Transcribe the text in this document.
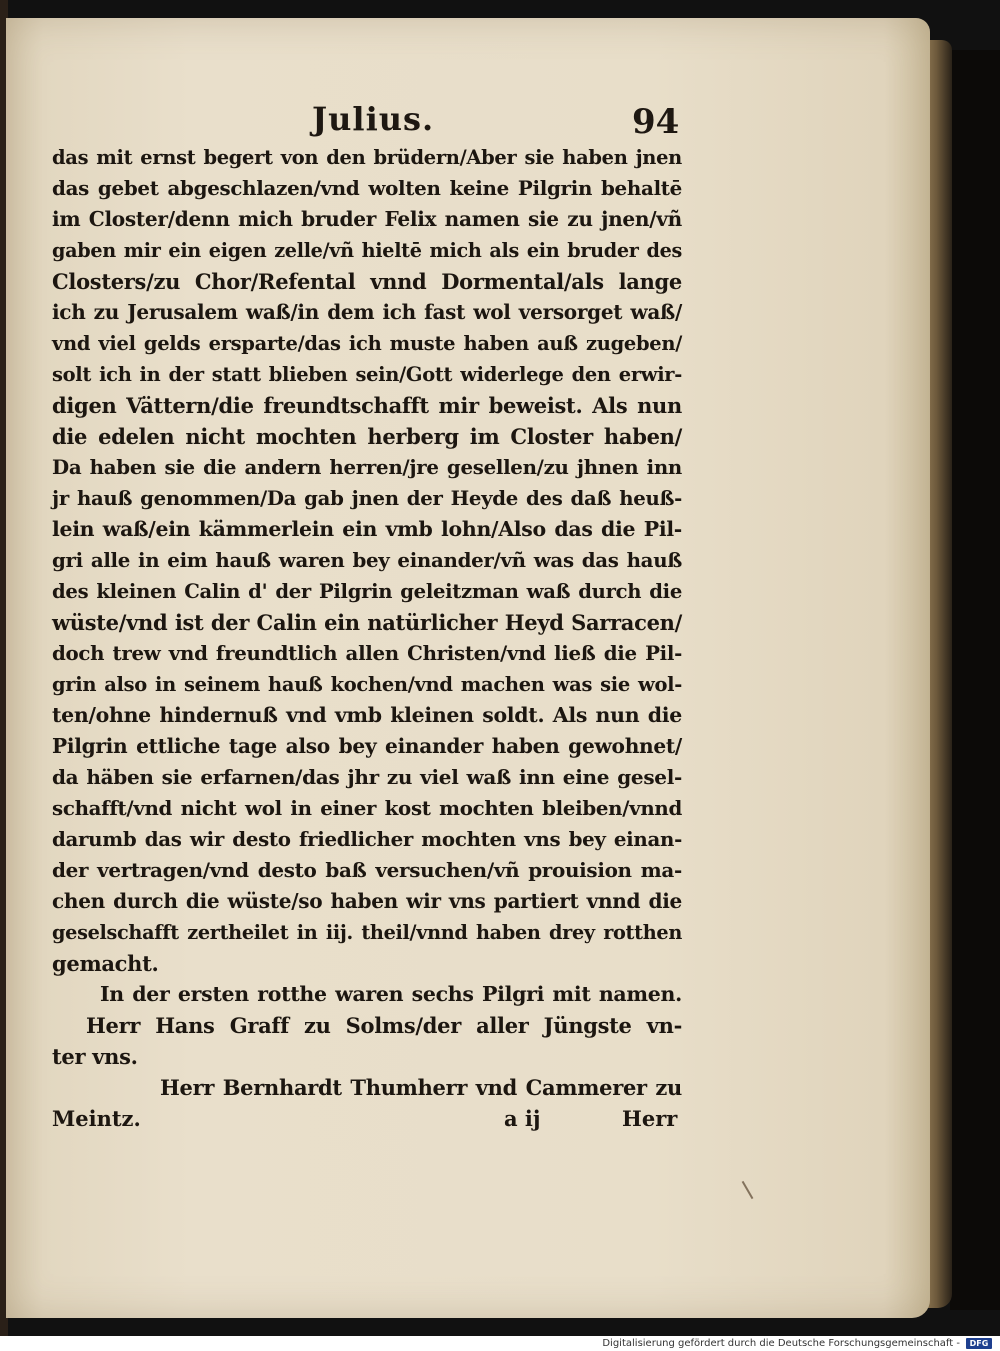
Julius.	94
das mit ernst begert von den brüdern/Aber sie haben jnen
das gebet abgeschlazen/vnd wolten keine Pilgrin behaltē
im Closter/denn mich bruder Felix namen sie zu jnen/vñ
gaben mir ein eigen zelle/vñ hieltē mich als ein bruder des
Closters/zu Chor/Refental vnnd Dormental/als lange
ich zu Jerusalem waß/in dem ich fast wol versorget waß/
vnd viel gelds ersparte/das ich muste haben auß zugeben/
solt ich in der statt blieben sein/Gott widerlege den erwir-
digen Vättern/die freundtschafft mir beweist. Als nun
die edelen nicht mochten herberg im Closter haben/
Da haben sie die andern herren/jre gesellen/zu jhnen inn
jr hauß genommen/Da gab jnen der Heyde des daß heuß-
lein waß/ein kämmerlein ein vmb lohn/Also das die Pil-
gri alle in eim hauß waren bey einander/vñ was das hauß
des kleinen Calin d' der Pilgrin geleitzman waß durch die
wüste/vnd ist der Calin ein natürlicher Heyd Sarracen/
doch trew vnd freundtlich allen Christen/vnd ließ die Pil-
grin also in seinem hauß kochen/vnd machen was sie wol-
ten/ohne hindernuß vnd vmb kleinen soldt. Als nun die
Pilgrin ettliche tage also bey einander haben gewohnet/
da häben sie erfarnen/das jhr zu viel waß inn eine gesel-
schafft/vnd nicht wol in einer kost mochten bleiben/vnnd
darumb das wir desto friedlicher mochten vns bey einan-
der vertragen/vnd desto baß versuchen/vñ prouision ma-
chen durch die wüste/so haben wir vns partiert vnnd die
geselschafft zertheilet in iij. theil/vnnd haben drey rotthen
gemacht.
In der ersten rotthe waren sechs Pilgri mit namen.
Herr Hans Graff zu Solms/der aller Jüngste vn-
ter vns.
Herr Bernhardt Thumherr vnd Cammerer zu
Meintz.	a ij	Herr
Digitalisierung gefördert durch die Deutsche Forschungsgemeinschaft -	DFG
